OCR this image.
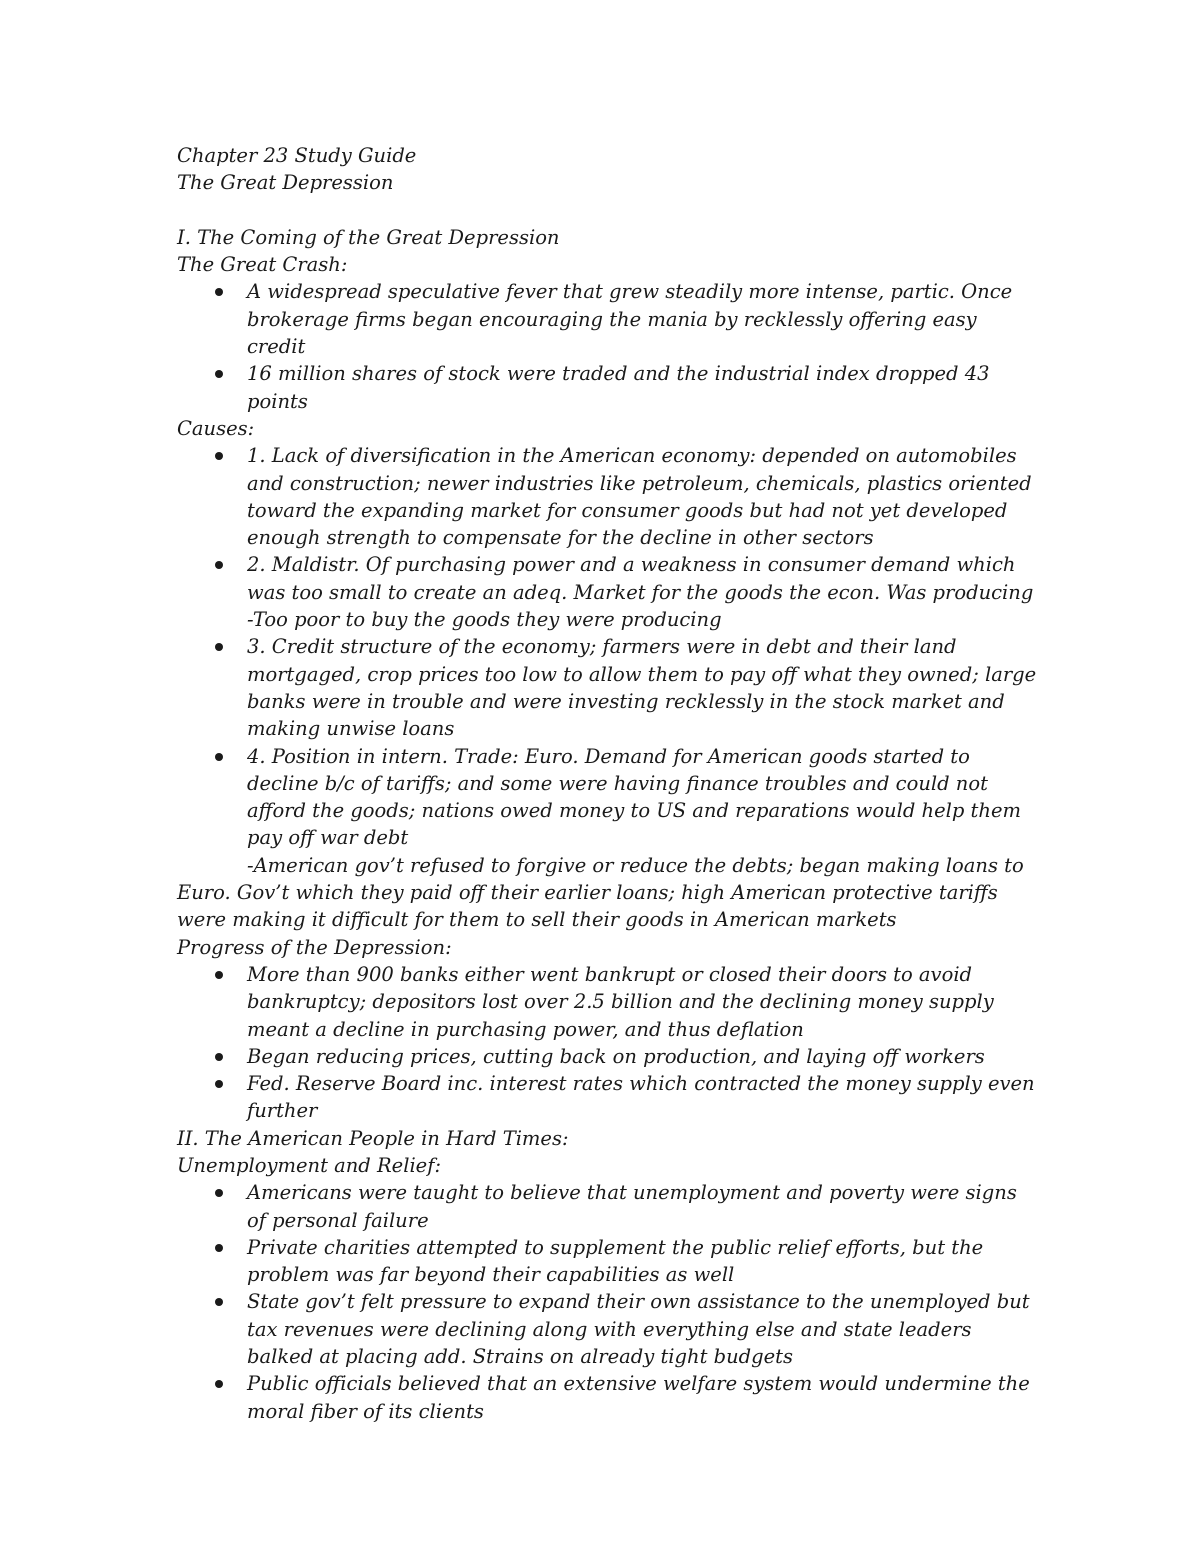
Chapter 23 Study Guide
The Great Depression
I. The Coming of the Great Depression
The Great Crash:
A widespread speculative fever that grew steadily more intense, partic. Once brokerage firms began encouraging the mania by recklessly offering easy credit
16 million shares of stock were traded and the industrial index dropped 43 points
Causes:
1. Lack of diversification in the American economy: depended on automobiles and construction; newer industries like petroleum, chemicals, plastics oriented toward the expanding market for consumer goods but had not yet developed enough strength to compensate for the decline in other sectors
2. Maldistr. Of purchasing power and a weakness in consumer demand which was too small to create an adeq. Market for the goods the econ. Was producing -Too poor to buy the goods they were producing
3. Credit structure of the economy; farmers were in debt and their land mortgaged, crop prices too low to allow them to pay off what they owned; large banks were in trouble and were investing recklessly in the stock market and making unwise loans
4. Position in intern. Trade: Euro. Demand for American goods started to decline b/c of tariffs; and some were having finance troubles and could not afford the goods; nations owed money to US and reparations would help them pay off war debt
-American gov’t refused to forgive or reduce the debts; began making loans to
Euro. Gov’t which they paid off their earlier loans; high American protective tariffs were making it difficult for them to sell their goods in American markets
Progress of the Depression:
More than 900 banks either went bankrupt or closed their doors to avoid bankruptcy; depositors lost over 2.5 billion and the declining money supply meant a decline in purchasing power, and thus deflation
Began reducing prices, cutting back on production, and laying off workers
Fed. Reserve Board inc. interest rates which contracted the money supply even further
II. The American People in Hard Times:
Unemployment and Relief:
Americans were taught to believe that unemployment and poverty were signs of personal failure
Private charities attempted to supplement the public relief efforts, but the problem was far beyond their capabilities as well
State gov’t felt pressure to expand their own assistance to the unemployed but tax revenues were declining along with everything else and state leaders balked at placing add. Strains on already tight budgets
Public officials believed that an extensive welfare system would undermine the moral fiber of its clients
